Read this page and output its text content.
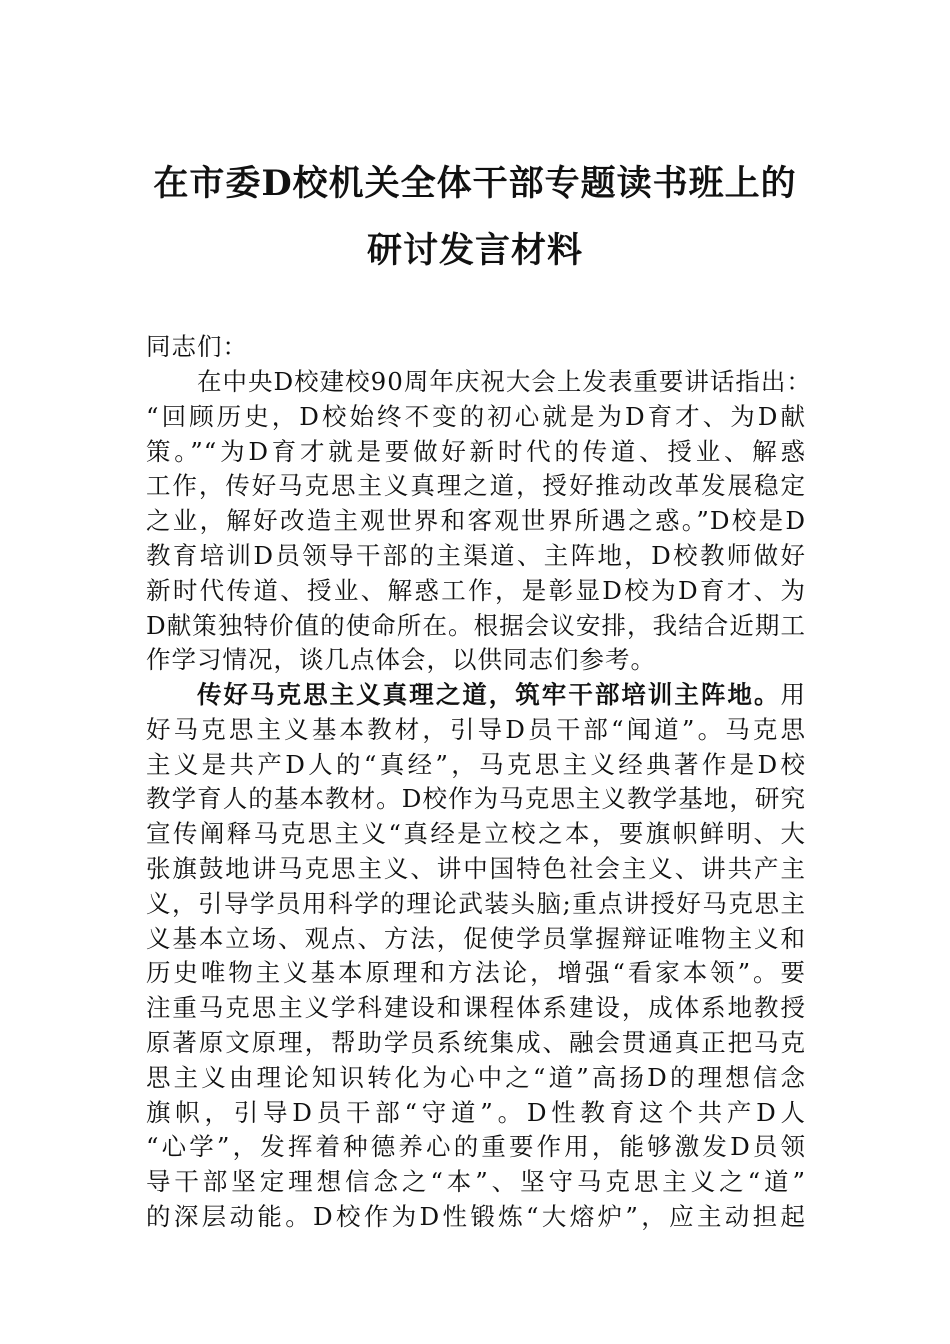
在市委D校机关全体干部专题读书班上的
研讨发言材料
同志们：
在中央D校建校90周年庆祝大会上发表重要讲话指出：
“回顾历史，D校始终不变的初心就是为D育才、为D献
策。”“为D育才就是要做好新时代的传道、授业、解惑
工作，传好马克思主义真理之道，授好推动改革发展稳定
之业，解好改造主观世界和客观世界所遇之惑。”D校是D
教育培训D员领导干部的主渠道、主阵地，D校教师做好
新时代传道、授业、解惑工作，是彰显D校为D育才、为
D献策独特价值的使命所在。根据会议安排，我结合近期工
作学习情况，谈几点体会，以供同志们参考。
传好马克思主义真理之道，筑牢干部培训主阵地。用
好马克思主义基本教材，引导D员干部“闻道”。马克思
主义是共产D人的“真经”，马克思主义经典著作是D校
教学育人的基本教材。D校作为马克思主义教学基地，研究
宣传阐释马克思主义“真经是立校之本，要旗帜鲜明、大
张旗鼓地讲马克思主义、讲中国特色社会主义、讲共产主
义，引导学员用科学的理论武装头脑;重点讲授好马克思主
义基本立场、观点、方法，促使学员掌握辩证唯物主义和
历史唯物主义基本原理和方法论，增强“看家本领”。要
注重马克思主义学科建设和课程体系建设，成体系地教授
原著原文原理，帮助学员系统集成、融会贯通真正把马克
思主义由理论知识转化为心中之“道”高扬D的理想信念
旗帜，引导D员干部“守道”。D性教育这个共产D人
“心学”，发挥着种德养心的重要作用，能够激发D员领
导干部坚定理想信念之“本”、坚守马克思主义之“道”
的深层动能。D校作为D性锻炼“大熔炉”，应主动担起
